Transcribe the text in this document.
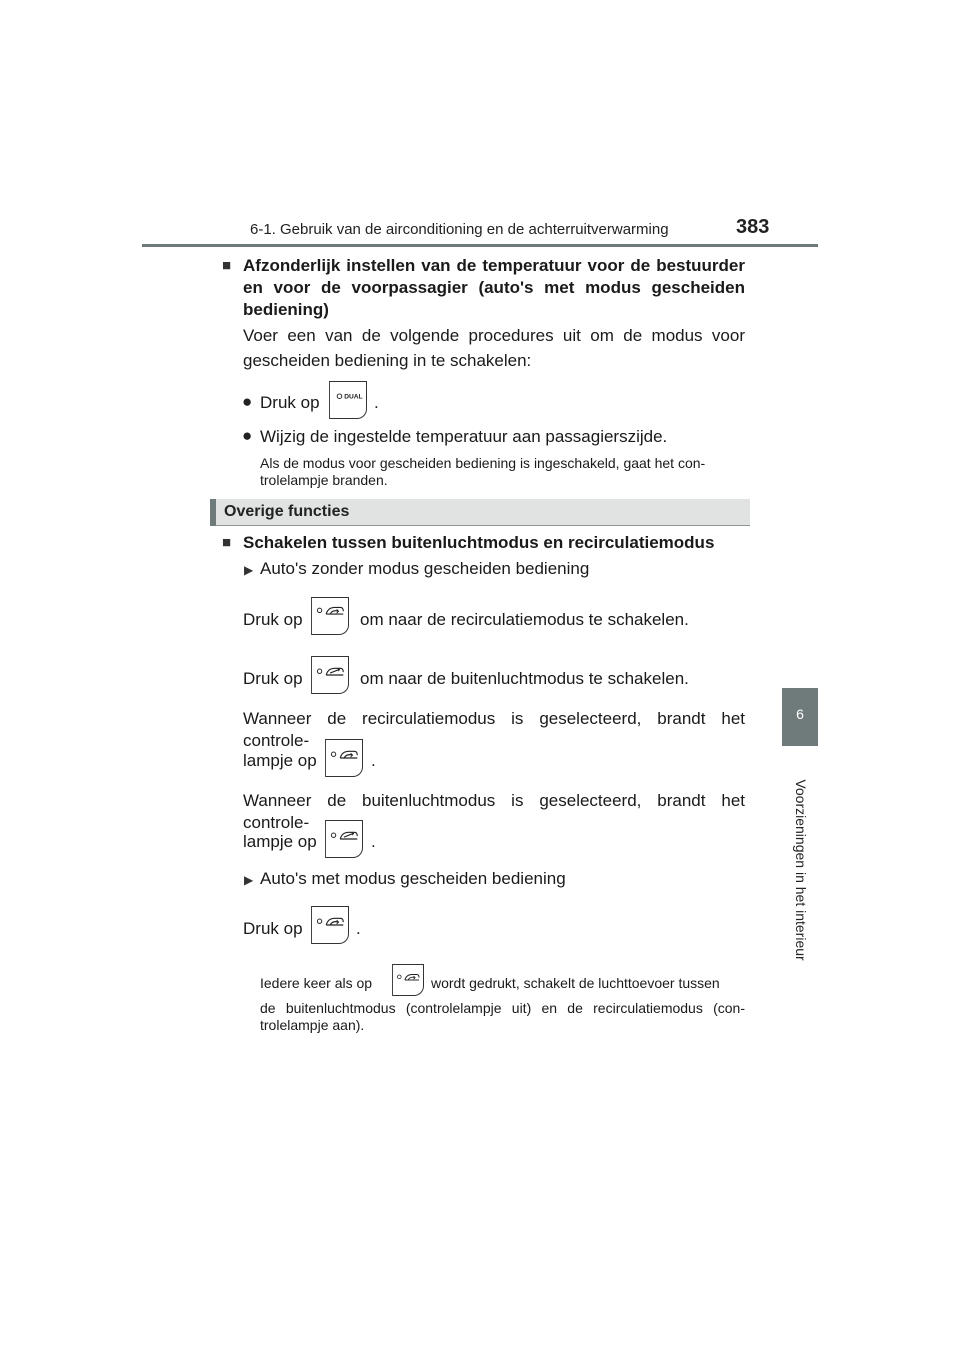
6-1. Gebruik van de airconditioning en de achterruitverwarming	383
6
Voorzieningen in het interieur
■ Afzonderlijk instellen van de temperatuur voor de bestuurder
en voor de voorpassagier (auto's met modus gescheiden
bediening)
Voer een van de volgende procedures uit om de modus voor
gescheiden bediening in te schakelen:
● Druk op	DUAL .
● Wijzig de ingestelde temperatuur aan passagierszijde.
Als de modus voor gescheiden bediening is ingeschakeld, gaat het con-
trolelampje branden.
Overige functies
■ Schakelen tussen buitenluchtmodus en recirculatiemodus
▶ Auto's zonder modus gescheiden bediening
Druk op	om naar de recirculatiemodus te schakelen.
Druk op	om naar de buitenluchtmodus te schakelen.
Wanneer de recirculatiemodus is geselecteerd, brandt het controle-
lampje op	.
Wanneer de buitenluchtmodus is geselecteerd, brandt het controle-
lampje op	.
▶ Auto's met modus gescheiden bediening
Druk op	.
Iedere keer als op	wordt gedrukt, schakelt de luchttoevoer tussen
de buitenluchtmodus (controlelampje uit) en de recirculatiemodus (con-
trolelampje aan).
